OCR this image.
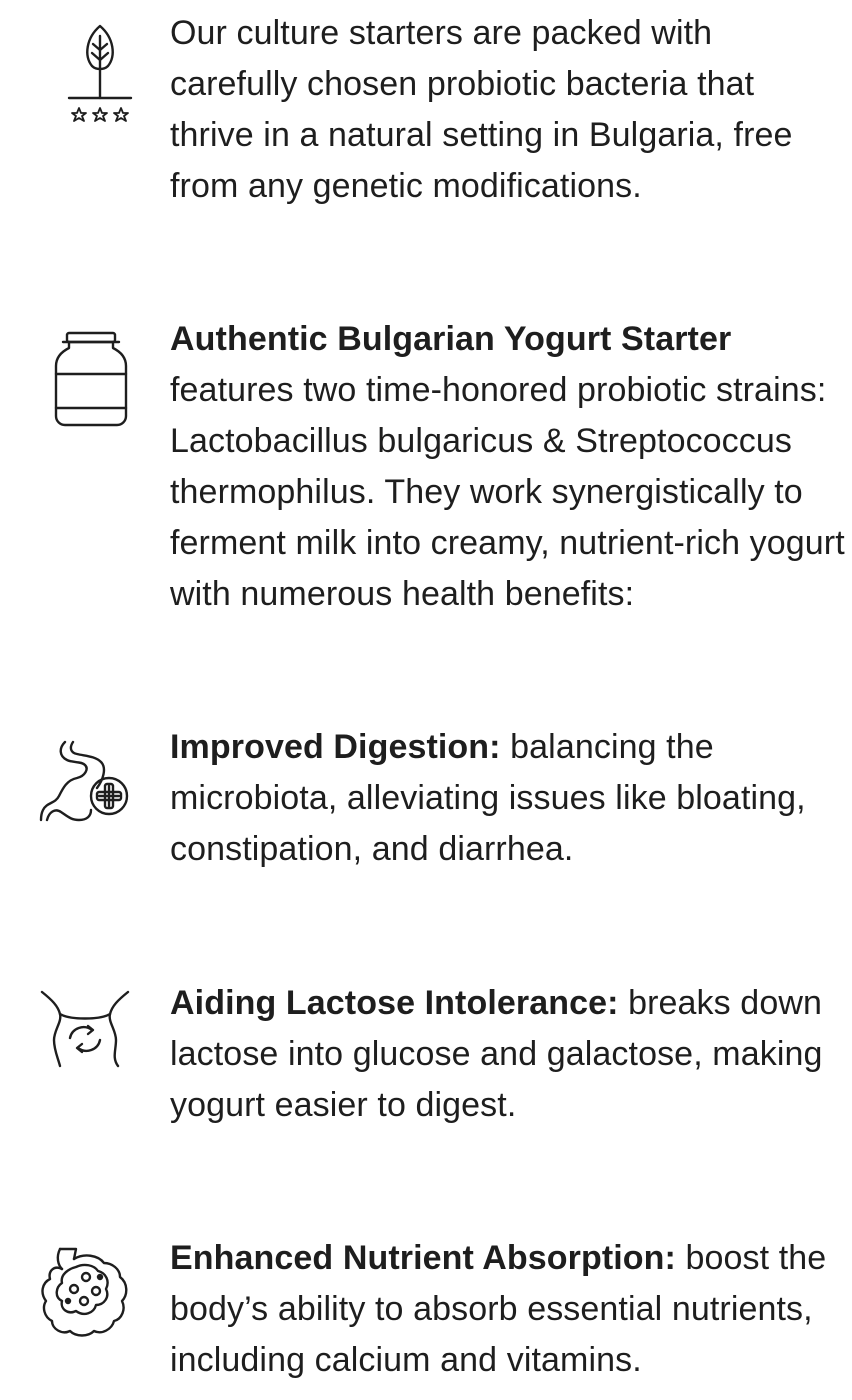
Our culture starters are packed with carefully chosen probiotic bacteria that thrive in a natural setting in Bulgaria, free from any genetic modifications.

Authentic Bulgarian Yogurt Starter features two time-honored probiotic strains: Lactobacillus bulgaricus & Streptococcus thermophilus. They work synergistically to ferment milk into creamy, nutrient-rich yogurt with numerous health benefits:

Improved Digestion: balancing the microbiota, alleviating issues like bloating, constipation, and diarrhea.

Aiding Lactose Intolerance: breaks down lactose into glucose and galactose, making yogurt easier to digest.

Enhanced Nutrient Absorption: boost the body’s ability to absorb essential nutrients, including calcium and vitamins.
